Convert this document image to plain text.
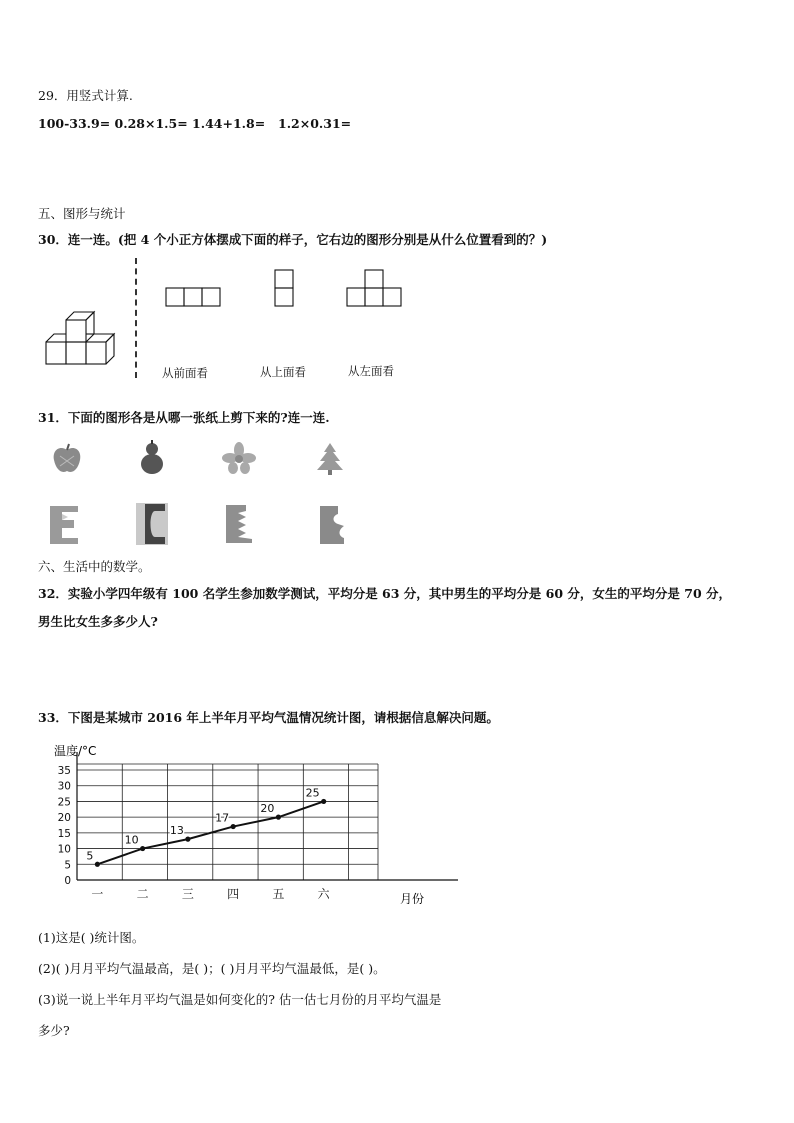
29．用竖式计算.
100-33.9= 0.28×1.5= 1.44+1.8= 1.2×0.31=
五、图形与统计
30．连一连。(把 4 个小正方体摆成下面的样子，它右边的图形分别是从什么位置看到的？)
从前面看	从上面看	从左面看
31．下面的图形各是从哪一张纸上剪下来的?连一连.
六、生活中的数学。
32．实验小学四年级有 100 名学生参加数学测试，平均分是 63 分，其中男生的平均分是 60 分，女生的平均分是 70 分，
男生比女生多多少人?
33．下图是某城市 2016 年上半年月平均气温情况统计图，请根据信息解决问题。
温度/°C
0
5
10
15
20
25
30
35
一	二	三	四	五	六
5
10
13
17
20
25
月份
(1)这是( )统计图。
(2)( )月月平均气温最高，是( )；( )月月平均气温最低，是( )。
(3)说一说上半年月平均气温是如何变化的? 估一估七月份的月平均气温是
多少?
